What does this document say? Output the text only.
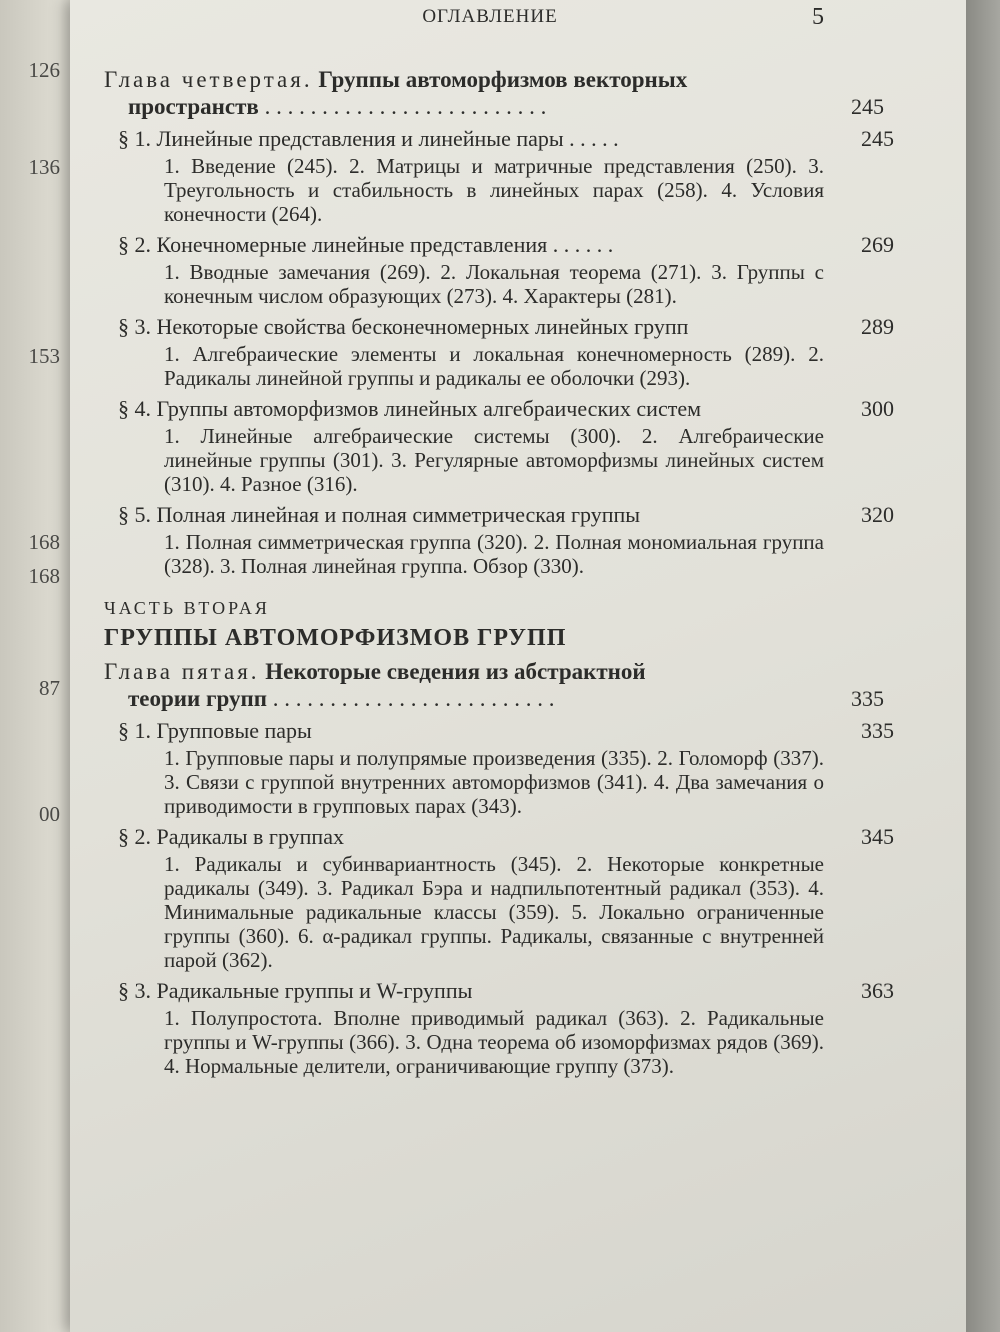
126
136
153
168
168
87
00
ОГЛАВЛЕНИЕ	5
Глава четвертая. Группы автоморфизмов векторных
пространств . . . . . . . . . . . . . . . . . . . . . . . . .	245
§ 1. Линейные представления и линейные пары . . . . .	245
1. Введение (245). 2. Матрицы и матричные представления (250). 3. Треугольность и стабильность в линейных парах (258). 4. Условия конечности (264).
§ 2. Конечномерные линейные представления . . . . . .	269
1. Вводные замечания (269). 2. Локальная теорема (271). 3. Группы с конечным числом образующих (273). 4. Характеры (281).
§ 3. Некоторые свойства бесконечномерных линейных групп	289
1. Алгебраические элементы и локальная конечномерность (289). 2. Радикалы линейной группы и радикалы ее оболочки (293).
§ 4. Группы автоморфизмов линейных алгебраических систем	300
1. Линейные алгебраические системы (300). 2. Алгебраические линейные группы (301). 3. Регулярные автоморфизмы линейных систем (310). 4. Разное (316).
§ 5. Полная линейная и полная симметрическая группы	320
1. Полная симметрическая группа (320). 2. Полная мономиальная группа (328). 3. Полная линейная группа. Обзор (330).
ЧАСТЬ ВТОРАЯ
ГРУППЫ АВТОМОРФИЗМОВ ГРУПП
Глава пятая. Некоторые сведения из абстрактной
теории групп . . . . . . . . . . . . . . . . . . . . . . . . .	335
§ 1. Групповые пары	335
1. Групповые пары и полупрямые произведения (335). 2. Голоморф (337). 3. Связи с группой внутренних автоморфизмов (341). 4. Два замечания о приводимости в групповых парах (343).
§ 2. Радикалы в группах	345
1. Радикалы и субинвариантность (345). 2. Некоторые конкретные радикалы (349). 3. Радикал Бэра и надпильпотентный радикал (353). 4. Минимальные радикальные классы (359). 5. Локально ограниченные группы (360). 6. α-радикал группы. Радикалы, связанные с внутренней парой (362).
§ 3. Радикальные группы и W-группы	363
1. Полупростота. Вполне приводимый радикал (363). 2. Радикальные группы и W-группы (366). 3. Одна теорема об изоморфизмах рядов (369). 4. Нормальные делители, ограничивающие группу (373).
